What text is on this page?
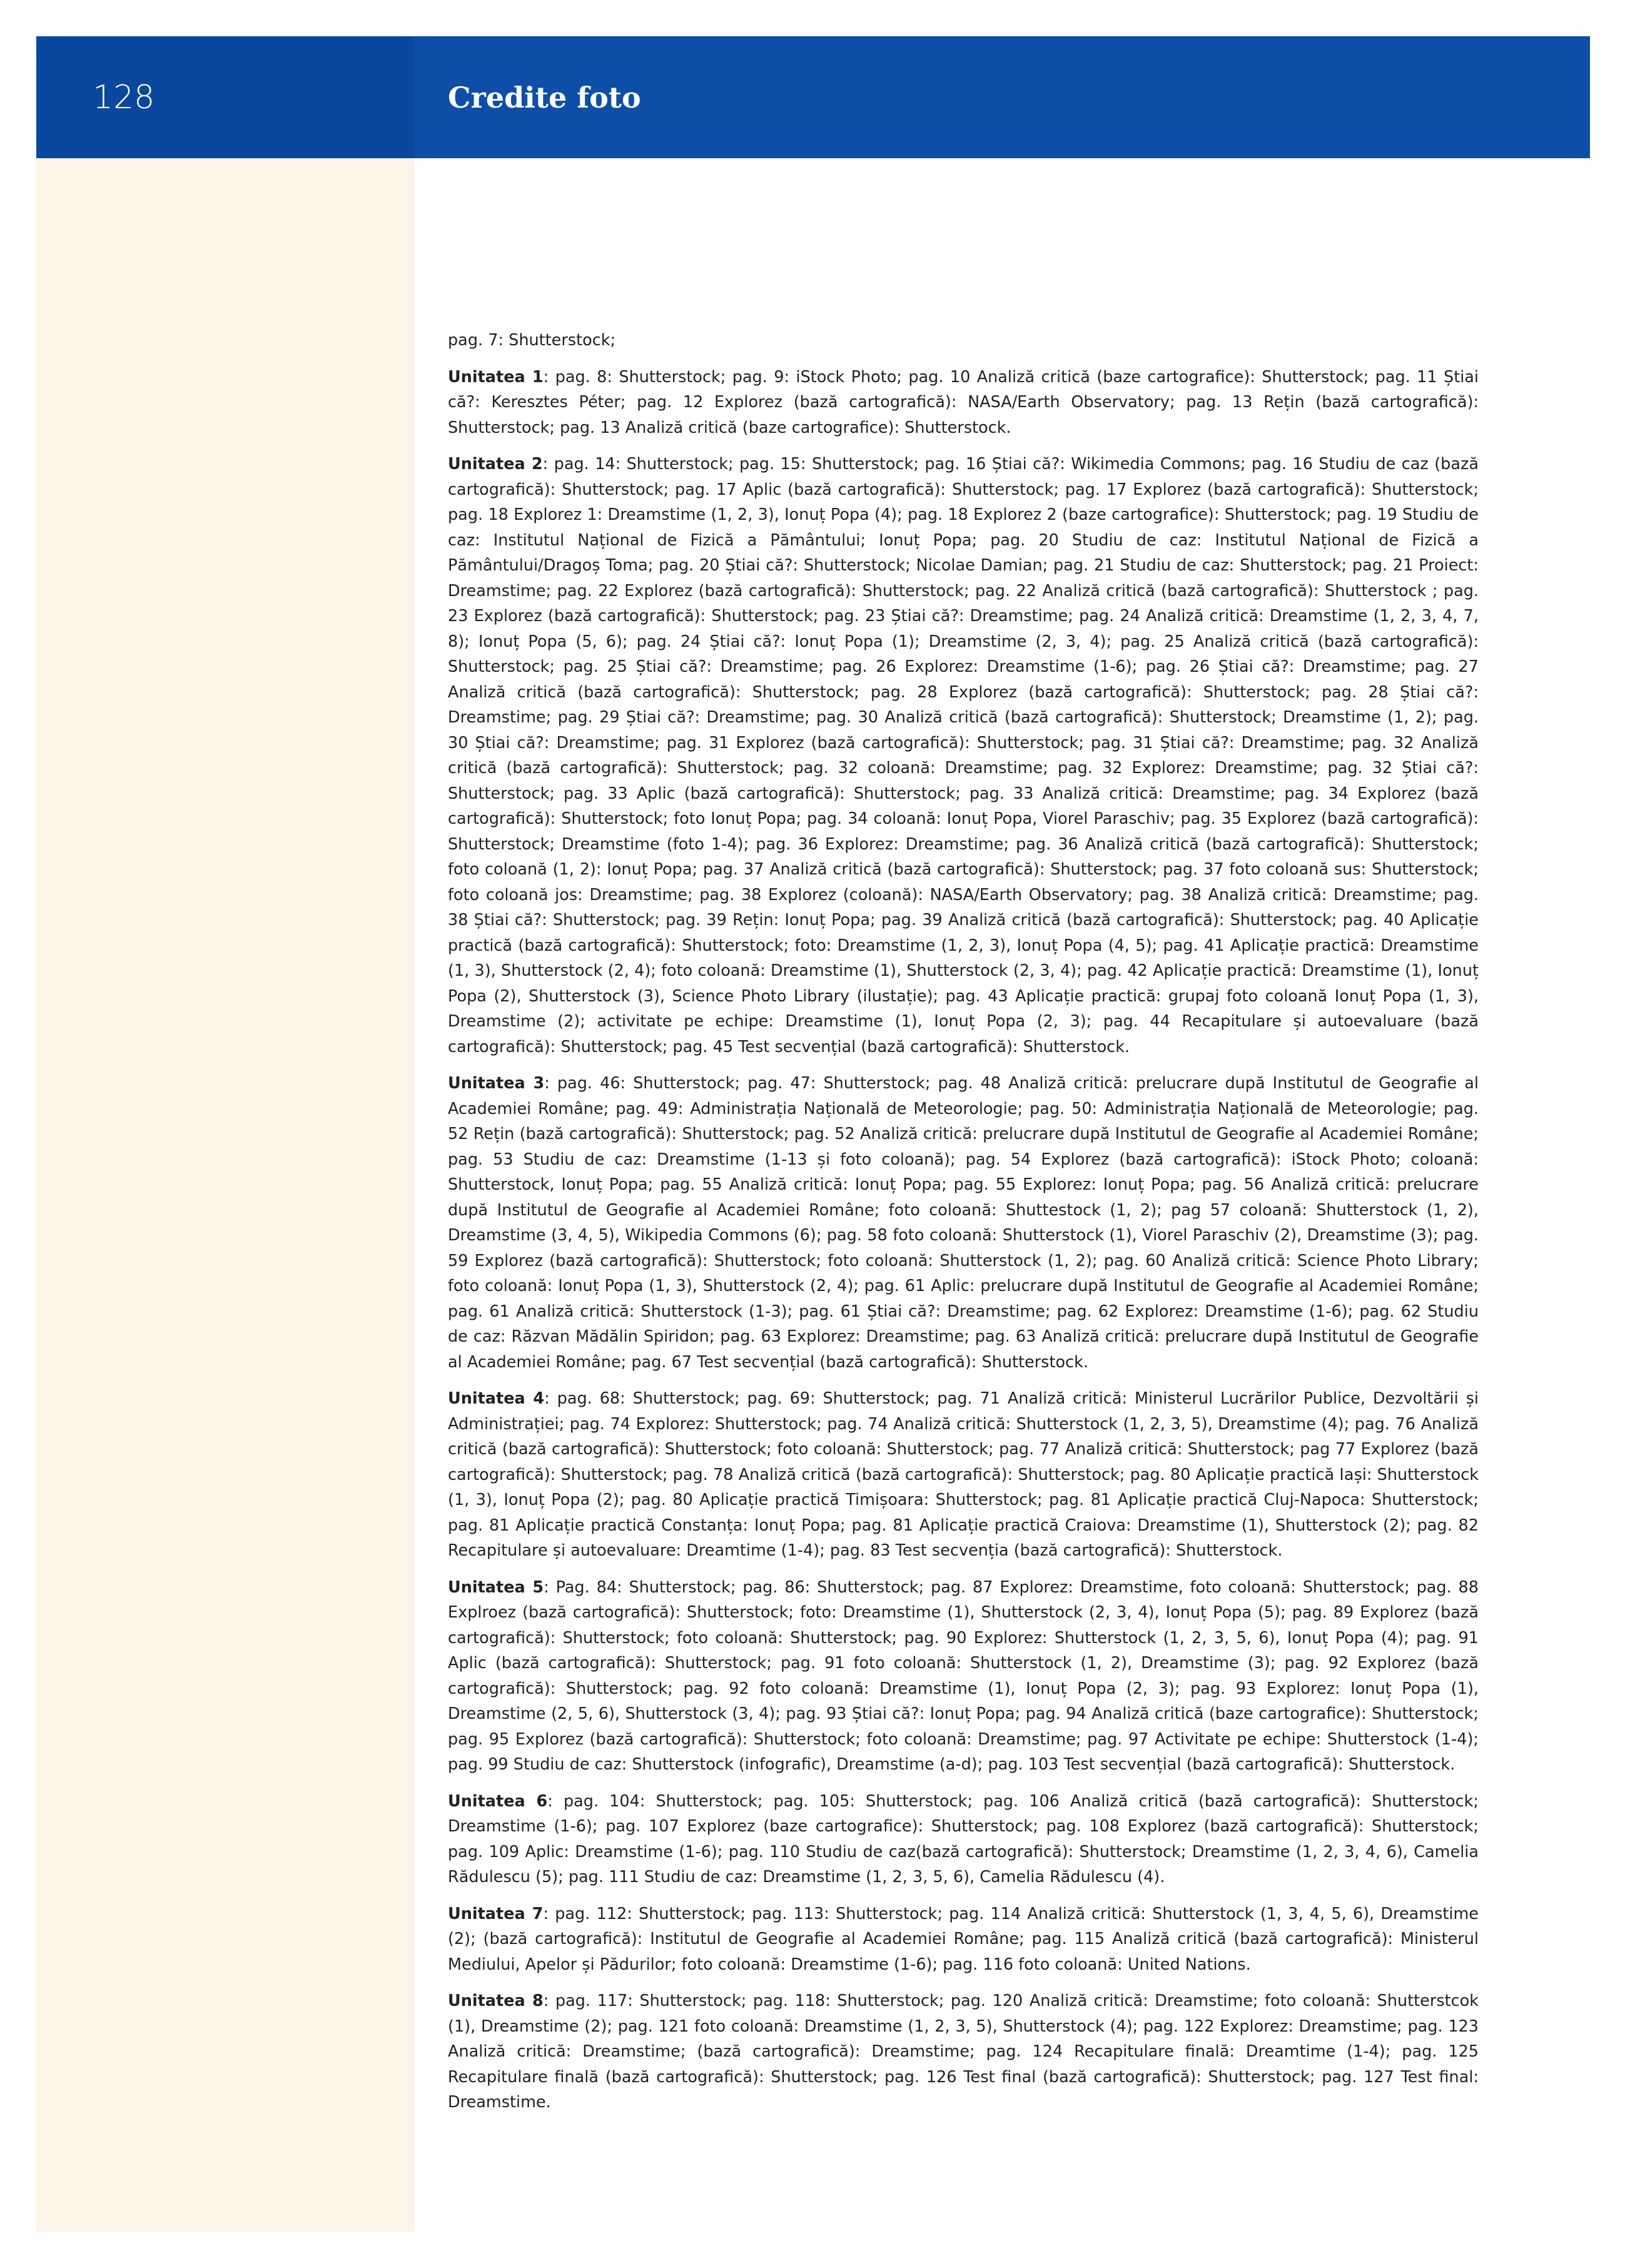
128	Credite foto

pag. 7: Shutterstock;

Unitatea 1: pag. 8: Shutterstock; pag. 9: iStock Photo; pag. 10 Analiză critică (baze cartografice): Shutterstock; pag. 11 Știai că?: Keresztes Péter; pag. 12 Explorez (bază cartografică): NASA/Earth Observatory; pag. 13 Rețin (bază cartografică): Shutterstock; pag. 13 Analiză critică (baze cartografice): Shutterstock.

Unitatea 2: pag. 14: Shutterstock; pag. 15: Shutterstock; pag. 16 Știai că?: Wikimedia Commons; pag. 16 Studiu de caz (bază cartografică): Shutterstock; pag. 17 Aplic (bază cartografică): Shutterstock; pag. 17 Explorez (bază cartografică): Shutterstock; pag. 18 Explorez 1: Dreamstime (1, 2, 3), Ionuț Popa (4); pag. 18 Explorez 2 (baze cartografice): Shutterstock; pag. 19 Studiu de caz: Institutul Național de Fizică a Pământului; Ionuț Popa; pag. 20 Studiu de caz: Institutul Național de Fizică a Pământului/Dragoș Toma; pag. 20 Știai că?: Shutterstock; Nicolae Damian; pag. 21 Studiu de caz: Shutterstock; pag. 21 Proiect: Dreamstime; pag. 22 Explorez (bază cartografică): Shutterstock; pag. 22 Analiză critică (bază cartografică): Shutterstock ; pag. 23 Explorez (bază cartografică): Shutterstock; pag. 23 Știai că?: Dreamstime; pag. 24 Analiză critică: Dreamstime (1, 2, 3, 4, 7, 8); Ionuț Popa (5, 6); pag. 24 Știai că?: Ionuț Popa (1); Dreamstime (2, 3, 4); pag. 25 Analiză critică (bază cartografică): Shutterstock; pag. 25 Știai că?: Dreamstime; pag. 26 Explorez: Dreamstime (1-6); pag. 26 Știai că?: Dreamstime; pag. 27 Analiză critică (bază cartografică): Shutterstock; pag. 28 Explorez (bază cartografică): Shutterstock; pag. 28 Știai că?: Dreamstime; pag. 29 Știai că?: Dreamstime; pag. 30 Analiză critică (bază cartografică): Shutterstock; Dreamstime (1, 2); pag. 30 Știai că?: Dreamstime; pag. 31 Explorez (bază cartografică): Shutterstock; pag. 31 Știai că?: Dreamstime; pag. 32 Analiză critică (bază cartografică): Shutterstock; pag. 32 coloană: Dreamstime; pag. 32 Explorez: Dreamstime; pag. 32 Știai că?: Shutterstock; pag. 33 Aplic (bază cartografică): Shutterstock; pag. 33 Analiză critică: Dreamstime; pag. 34 Explorez (bază cartografică): Shutterstock; foto Ionuț Popa; pag. 34 coloană: Ionuț Popa, Viorel Paraschiv; pag. 35 Explorez (bază cartografică): Shutterstock; Dreamstime (foto 1-4); pag. 36 Explorez: Dreamstime; pag. 36 Analiză critică (bază cartografică): Shutterstock; foto coloană (1, 2): Ionuț Popa; pag. 37 Analiză critică (bază cartografică): Shutterstock; pag. 37 foto coloană sus: Shutterstock; foto coloană jos: Dreamstime; pag. 38 Explorez (coloană): NASA/Earth Observatory; pag. 38 Analiză critică: Dreamstime; pag. 38 Știai că?: Shutterstock; pag. 39 Rețin: Ionuț Popa; pag. 39 Analiză critică (bază cartografică): Shutterstock; pag. 40 Aplicație practică (bază cartografică): Shutterstock; foto: Dreamstime (1, 2, 3), Ionuț Popa (4, 5); pag. 41 Aplicație practică: Dreamstime (1, 3), Shutterstock (2, 4); foto coloană: Dreamstime (1), Shutterstock (2, 3, 4); pag. 42 Aplicație practică: Dreamstime (1), Ionuț Popa (2), Shutterstock (3), Science Photo Library (ilustație); pag. 43 Aplicație practică: grupaj foto coloană Ionuț Popa (1, 3), Dreamstime (2); activitate pe echipe: Dreamstime (1), Ionuț Popa (2, 3); pag. 44 Recapitulare și autoevaluare (bază cartografică): Shutterstock; pag. 45 Test secvențial (bază cartografică): Shutterstock.

Unitatea 3: pag. 46: Shutterstock; pag. 47: Shutterstock; pag. 48 Analiză critică: prelucrare după Institutul de Geografie al Academiei Române; pag. 49: Administrația Națională de Meteorologie; pag. 50: Administrația Națională de Meteorologie; pag. 52 Rețin (bază cartografică): Shutterstock; pag. 52 Analiză critică: prelucrare după Institutul de Geografie al Academiei Române; pag. 53 Studiu de caz: Dreamstime (1-13 și foto coloană); pag. 54 Explorez (bază cartografică): iStock Photo; coloană: Shutterstock, Ionuț Popa; pag. 55 Analiză critică: Ionuț Popa; pag. 55 Explorez: Ionuț Popa; pag. 56 Analiză critică: prelucrare după Institutul de Geografie al Academiei Române; foto coloană: Shuttestock (1, 2); pag 57 coloană: Shutterstock (1, 2), Dreamstime (3, 4, 5), Wikipedia Commons (6); pag. 58 foto coloană: Shutterstock (1), Viorel Paraschiv (2), Dreamstime (3); pag. 59 Explorez (bază cartografică): Shutterstock; foto coloană: Shutterstock (1, 2); pag. 60 Analiză critică: Science Photo Library; foto coloană: Ionuț Popa (1, 3), Shutterstock (2, 4); pag. 61 Aplic: prelucrare după Institutul de Geografie al Academiei Române; pag. 61 Analiză critică: Shutterstock (1-3); pag. 61 Știai că?: Dreamstime; pag. 62 Explorez: Dreamstime (1-6); pag. 62 Studiu de caz: Răzvan Mădălin Spiridon; pag. 63 Explorez: Dreamstime; pag. 63 Analiză critică: prelucrare după Institutul de Geografie al Academiei Române; pag. 67 Test secvențial (bază cartografică): Shutterstock.

Unitatea 4: pag. 68: Shutterstock; pag. 69: Shutterstock; pag. 71 Analiză critică: Ministerul Lucrărilor Publice, Dezvoltării și Administrației; pag. 74 Explorez: Shutterstock; pag. 74 Analiză critică: Shutterstock (1, 2, 3, 5), Dreamstime (4); pag. 76 Analiză critică (bază cartografică): Shutterstock; foto coloană: Shutterstock; pag. 77 Analiză critică: Shutterstock; pag 77 Explorez (bază cartografică): Shutterstock; pag. 78 Analiză critică (bază cartografică): Shutterstock; pag. 80 Aplicație practică Iași: Shutterstock (1, 3), Ionuț Popa (2); pag. 80 Aplicație practică Timișoara: Shutterstock; pag. 81 Aplicație practică Cluj-Napoca: Shutterstock; pag. 81 Aplicație practică Constanța: Ionuț Popa; pag. 81 Aplicație practică Craiova: Dreamstime (1), Shutterstock (2); pag. 82 Recapitulare și autoevaluare: Dreamtime (1-4); pag. 83 Test secvenția (bază cartografică): Shutterstock.

Unitatea 5: Pag. 84: Shutterstock; pag. 86: Shutterstock; pag. 87 Explorez: Dreamstime, foto coloană: Shutterstock; pag. 88 Explroez (bază cartografică): Shutterstock; foto: Dreamstime (1), Shutterstock (2, 3, 4), Ionuț Popa (5); pag. 89 Explorez (bază cartografică): Shutterstock; foto coloană: Shutterstock; pag. 90 Explorez: Shutterstock (1, 2, 3, 5, 6), Ionuț Popa (4); pag. 91 Aplic (bază cartografică): Shutterstock; pag. 91 foto coloană: Shutterstock (1, 2), Dreamstime (3); pag. 92 Explorez (bază cartografică): Shutterstock; pag. 92 foto coloană: Dreamstime (1), Ionuț Popa (2, 3); pag. 93 Explorez: Ionuț Popa (1), Dreamstime (2, 5, 6), Shutterstock (3, 4); pag. 93 Știai că?: Ionuț Popa; pag. 94 Analiză critică (baze cartografice): Shutterstock; pag. 95 Explorez (bază cartografică): Shutterstock; foto coloană: Dreamstime; pag. 97 Activitate pe echipe: Shutterstock (1-4); pag. 99 Studiu de caz: Shutterstock (infografic), Dreamstime (a-d); pag. 103 Test secvențial (bază cartografică): Shutterstock.

Unitatea 6: pag. 104: Shutterstock; pag. 105: Shutterstock; pag. 106 Analiză critică (bază cartografică): Shutterstock; Dreamstime (1-6); pag. 107 Explorez (baze cartografice): Shutterstock; pag. 108 Explorez (bază cartografică): Shutterstock; pag. 109 Aplic: Dreamstime (1-6); pag. 110 Studiu de caz(bază cartografică): Shutterstock; Dreamstime (1, 2, 3, 4, 6), Camelia Rădulescu (5); pag. 111 Studiu de caz: Dreamstime (1, 2, 3, 5, 6), Camelia Rădulescu (4).

Unitatea 7: pag. 112: Shutterstock; pag. 113: Shutterstock; pag. 114 Analiză critică: Shutterstock (1, 3, 4, 5, 6), Dreamstime (2); (bază cartografică): Institutul de Geografie al Academiei Române; pag. 115 Analiză critică (bază cartografică): Ministerul Mediului, Apelor și Pădurilor; foto coloană: Dreamstime (1-6); pag. 116 foto coloană: United Nations.

Unitatea 8: pag. 117: Shutterstock; pag. 118: Shutterstock; pag. 120 Analiză critică: Dreamstime; foto coloană: Shutterstcok (1), Dreamstime (2); pag. 121 foto coloană: Dreamstime (1, 2, 3, 5), Shutterstock (4); pag. 122 Explorez: Dreamstime; pag. 123 Analiză critică: Dreamstime; (bază cartografică): Dreamstime; pag. 124 Recapitulare finală: Dreamtime (1-4); pag. 125 Recapitulare finală (bază cartografică): Shutterstock; pag. 126 Test final (bază cartografică): Shutterstock; pag. 127 Test final: Dreamstime.
